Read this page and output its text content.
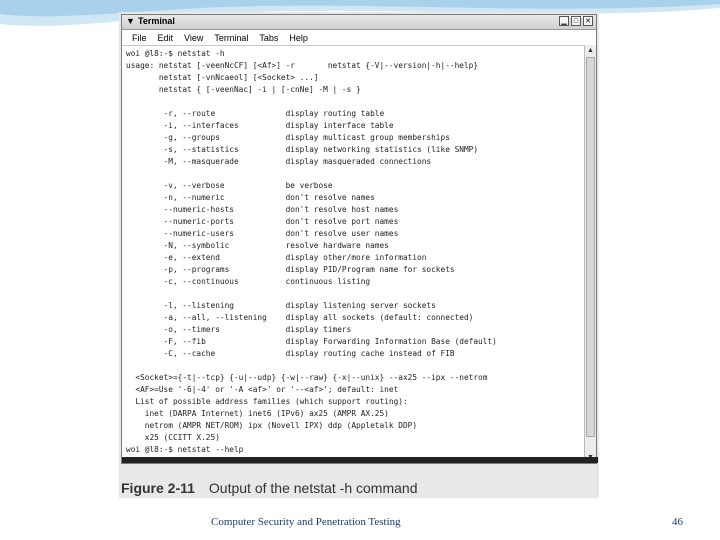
▼ Terminal	▁	□ ✕
File Edit View Terminal Tabs Help
woi @l8:-$ netstat -h
usage: netstat [-veenNcCF] [<Af>] -r       netstat {-V|--version|-h|--help}
netstat [-vnNcaeol] [<Socket> ...]
netstat { [-veenNac] -i | [-cnNe] -M | -s }

-r, --route               display routing table
-i, --interfaces          display interface table
-g, --groups              display multicast group memberships
-s, --statistics          display networking statistics (like SNMP)
-M, --masquerade          display masqueraded connections

-v, --verbose             be verbose
-n, --numeric             don't resolve names
--numeric-hosts           don't resolve host names
--numeric-ports           don't resolve port names
--numeric-users           don't resolve user names
-N, --symbolic            resolve hardware names
-e, --extend              display other/more information
-p, --programs            display PID/Program name for sockets
-c, --continuous          continuous listing

-l, --listening           display listening server sockets
-a, --all, --listening    display all sockets (default: connected)
-o, --timers              display timers
-F, --fib                 display Forwarding Information Base (default)
-C, --cache               display routing cache instead of FIB

<Socket>={-t|--tcp} {-u|--udp} {-w|--raw} {-x|--unix} --ax25 --ipx --netrom
<AF>=Use '-6|-4' or '-A <af>' or '--<af>'; default: inet
List of possible address families (which support routing):
inet (DARPA Internet) inet6 (IPv6) ax25 (AMPR AX.25)
netrom (AMPR NET/ROM) ipx (Novell IPX) ddp (Appletalk DDP)
x25 (CCITT X.25)
woi @l8:-$ netstat --help
▲
Figure 2-11 Output of the netstat -h command
Computer Security and Penetration Testing	46
